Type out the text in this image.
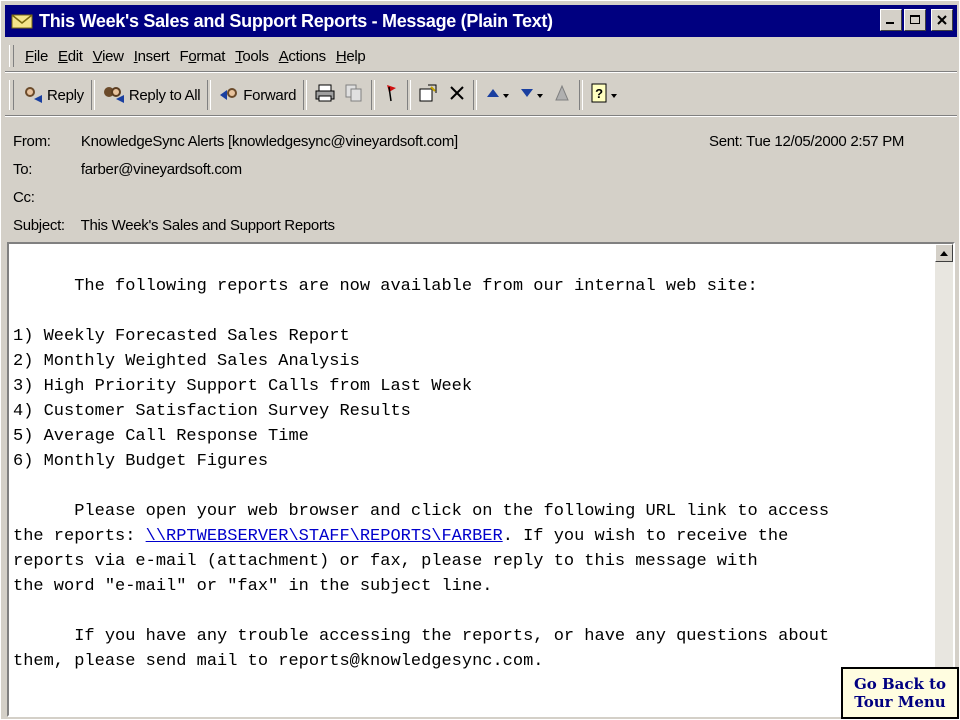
This Week's Sales and Support Reports - Message (Plain Text)
File Edit View Insert Format Tools Actions Help
Reply	Reply to All	Forward	?
From: KnowledgeSync Alerts [knowledgesync@vineyardsoft.com]	Sent: Tue 12/05/2000 2:57 PM
To:	farber@vineyardsoft.com
Cc:
Subject: This Week's Sales and Support Reports
The following reports are now available from our internal web site:
1) Weekly Forecasted Sales Report
2) Monthly Weighted Sales Analysis
3) High Priority Support Calls from Last Week
4) Customer Satisfaction Survey Results
5) Average Call Response Time
6) Monthly Budget Figures
Please open your web browser and click on the following URL link to access
the reports: \\RPTWEBSERVER\STAFF\REPORTS\FARBER. If you wish to receive the
reports via e-mail (attachment) or fax, please reply to this message with
the word "e-mail" or "fax" in the subject line.
If you have any trouble accessing the reports, or have any questions about
them, please send mail to reports@knowledgesync.com.
Go Back to
Tour Menu
